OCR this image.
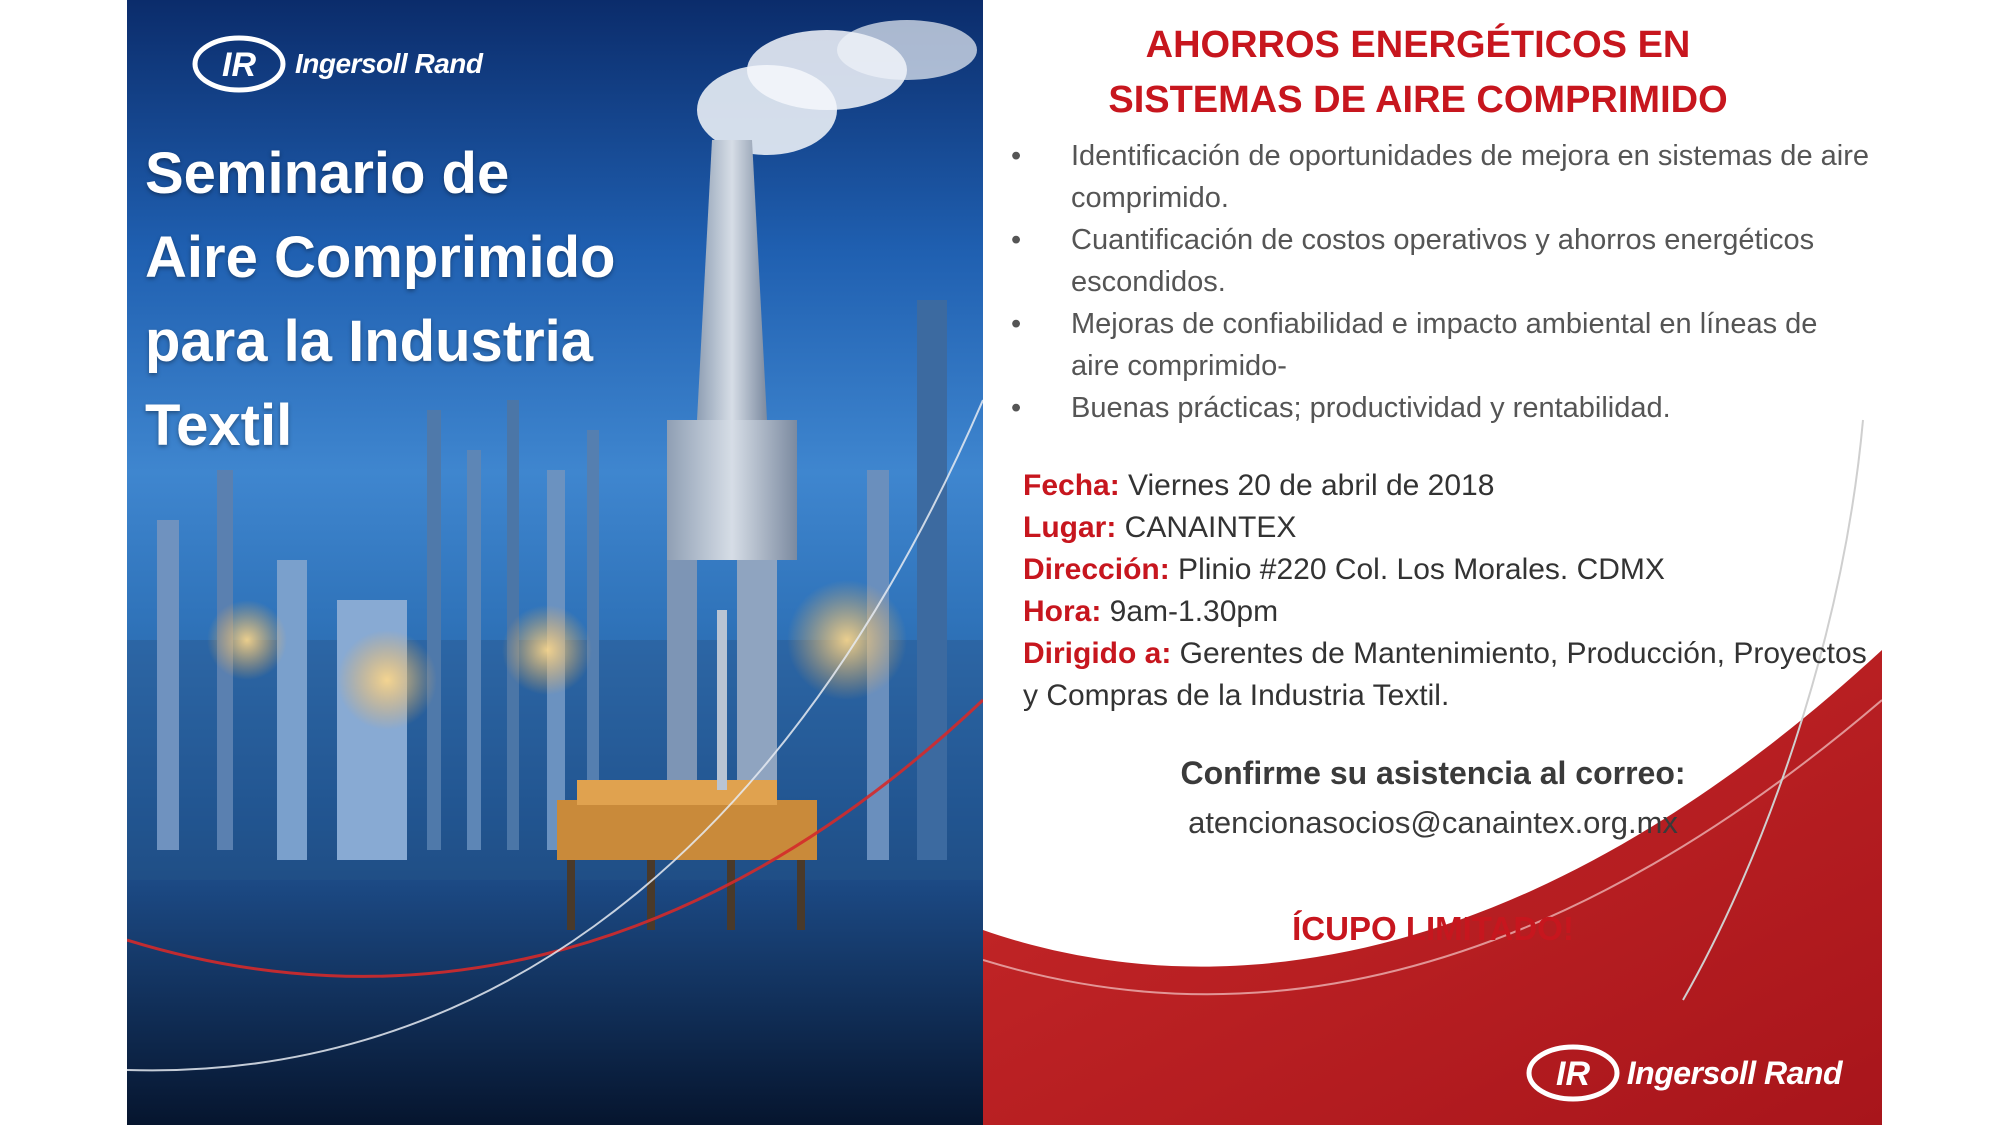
IR Ingersoll Rand
Seminario de
Aire Comprimido
para la Industria
Textil
AHORROS ENERGÉTICOS EN
SISTEMAS DE AIRE COMPRIMIDO
• Identificación de oportunidades de mejora en sistemas de aire comprimido.
• Cuantificación de costos operativos y ahorros energéticos escondidos.
• Mejoras de confiabilidad e impacto ambiental en líneas de aire comprimido-
• Buenas prácticas; productividad y rentabilidad.
Fecha: Viernes 20 de abril de 2018
Lugar: CANAINTEX
Dirección: Plinio #220 Col. Los Morales. CDMX
Hora: 9am-1.30pm
Dirigido a: Gerentes de Mantenimiento, Producción, Proyectos y Compras de la Industria Textil.
Confirme su asistencia al correo:
atencionasocios@canaintex.org.mx
ÍCUPO LIMITADO!
IR Ingersoll Rand
